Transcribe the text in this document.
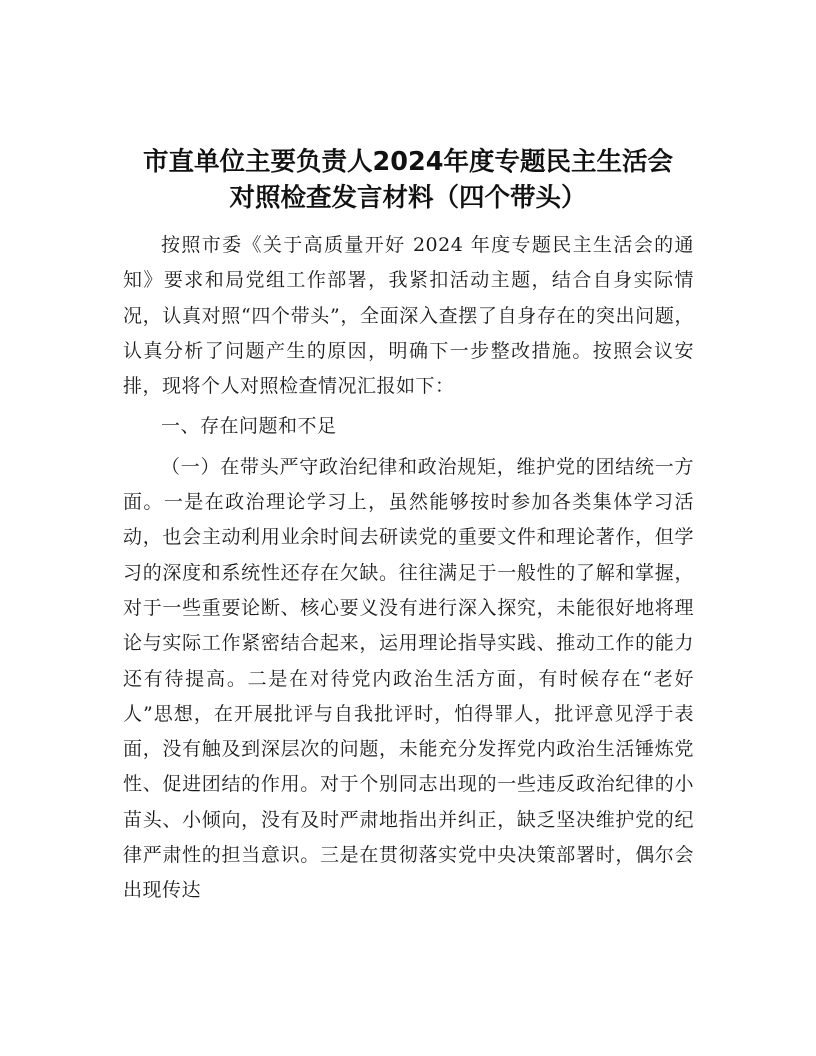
市直单位主要负责人2024年度专题民主生活会
对照检查发言材料（四个带头）

按照市委《关于高质量开好 2024 年度专题民主生活会的通知》要求和局党组工作部署，我紧扣活动主题，结合自身实际情况，认真对照“四个带头”，全面深入查摆了自身存在的突出问题，认真分析了问题产生的原因，明确下一步整改措施。按照会议安排，现将个人对照检查情况汇报如下：

一、存在问题和不足

（一）在带头严守政治纪律和政治规矩，维护党的团结统一方面。一是在政治理论学习上，虽然能够按时参加各类集体学习活动，也会主动利用业余时间去研读党的重要文件和理论著作，但学习的深度和系统性还存在欠缺。往往满足于一般性的了解和掌握，对于一些重要论断、核心要义没有进行深入探究，未能很好地将理论与实际工作紧密结合起来，运用理论指导实践、推动工作的能力还有待提高。二是在对待党内政治生活方面，有时候存在“老好人”思想，在开展批评与自我批评时，怕得罪人，批评意见浮于表面，没有触及到深层次的问题，未能充分发挥党内政治生活锤炼党性、促进团结的作用。对于个别同志出现的一些违反政治纪律的小苗头、小倾向，没有及时严肃地指出并纠正，缺乏坚决维护党的纪律严肃性的担当意识。三是在贯彻落实党中央决策部署时，偶尔会出现传达
